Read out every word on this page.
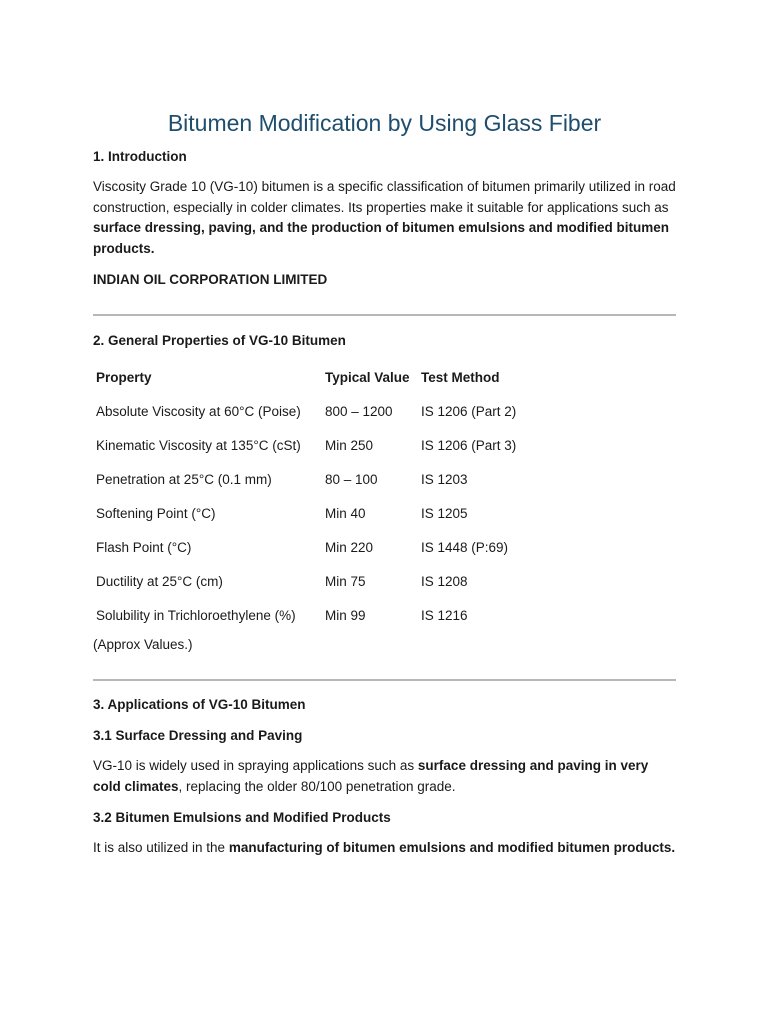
Bitumen Modification by Using Glass Fiber
1. Introduction

Viscosity Grade 10 (VG-10) bitumen is a specific classification of bitumen primarily utilized in road construction, especially in colder climates. Its properties make it suitable for applications such as surface dressing, paving, and the production of bitumen emulsions and modified bitumen products.

INDIAN OIL CORPORATION LIMITED

2. General Properties of VG-10 Bitumen
Property	Typical Value	Test Method
Absolute Viscosity at 60°C (Poise)	800 – 1200	IS 1206 (Part 2)
Kinematic Viscosity at 135°C (cSt)	Min 250	IS 1206 (Part 3)
Penetration at 25°C (0.1 mm)	80 – 100	IS 1203
Softening Point (°C)	Min 40	IS 1205
Flash Point (°C)	Min 220	IS 1448 (P:69)
Ductility at 25°C (cm)	Min 75	IS 1208
Solubility in Trichloroethylene (%)	Min 99	IS 1216

(Approx Values.)

3. Applications of VG-10 Bitumen
3.1 Surface Dressing and Paving

VG-10 is widely used in spraying applications such as surface dressing and paving in very cold climates, replacing the older 80/100 penetration grade.

3.2 Bitumen Emulsions and Modified Products

It is also utilized in the manufacturing of bitumen emulsions and modified bitumen products.
